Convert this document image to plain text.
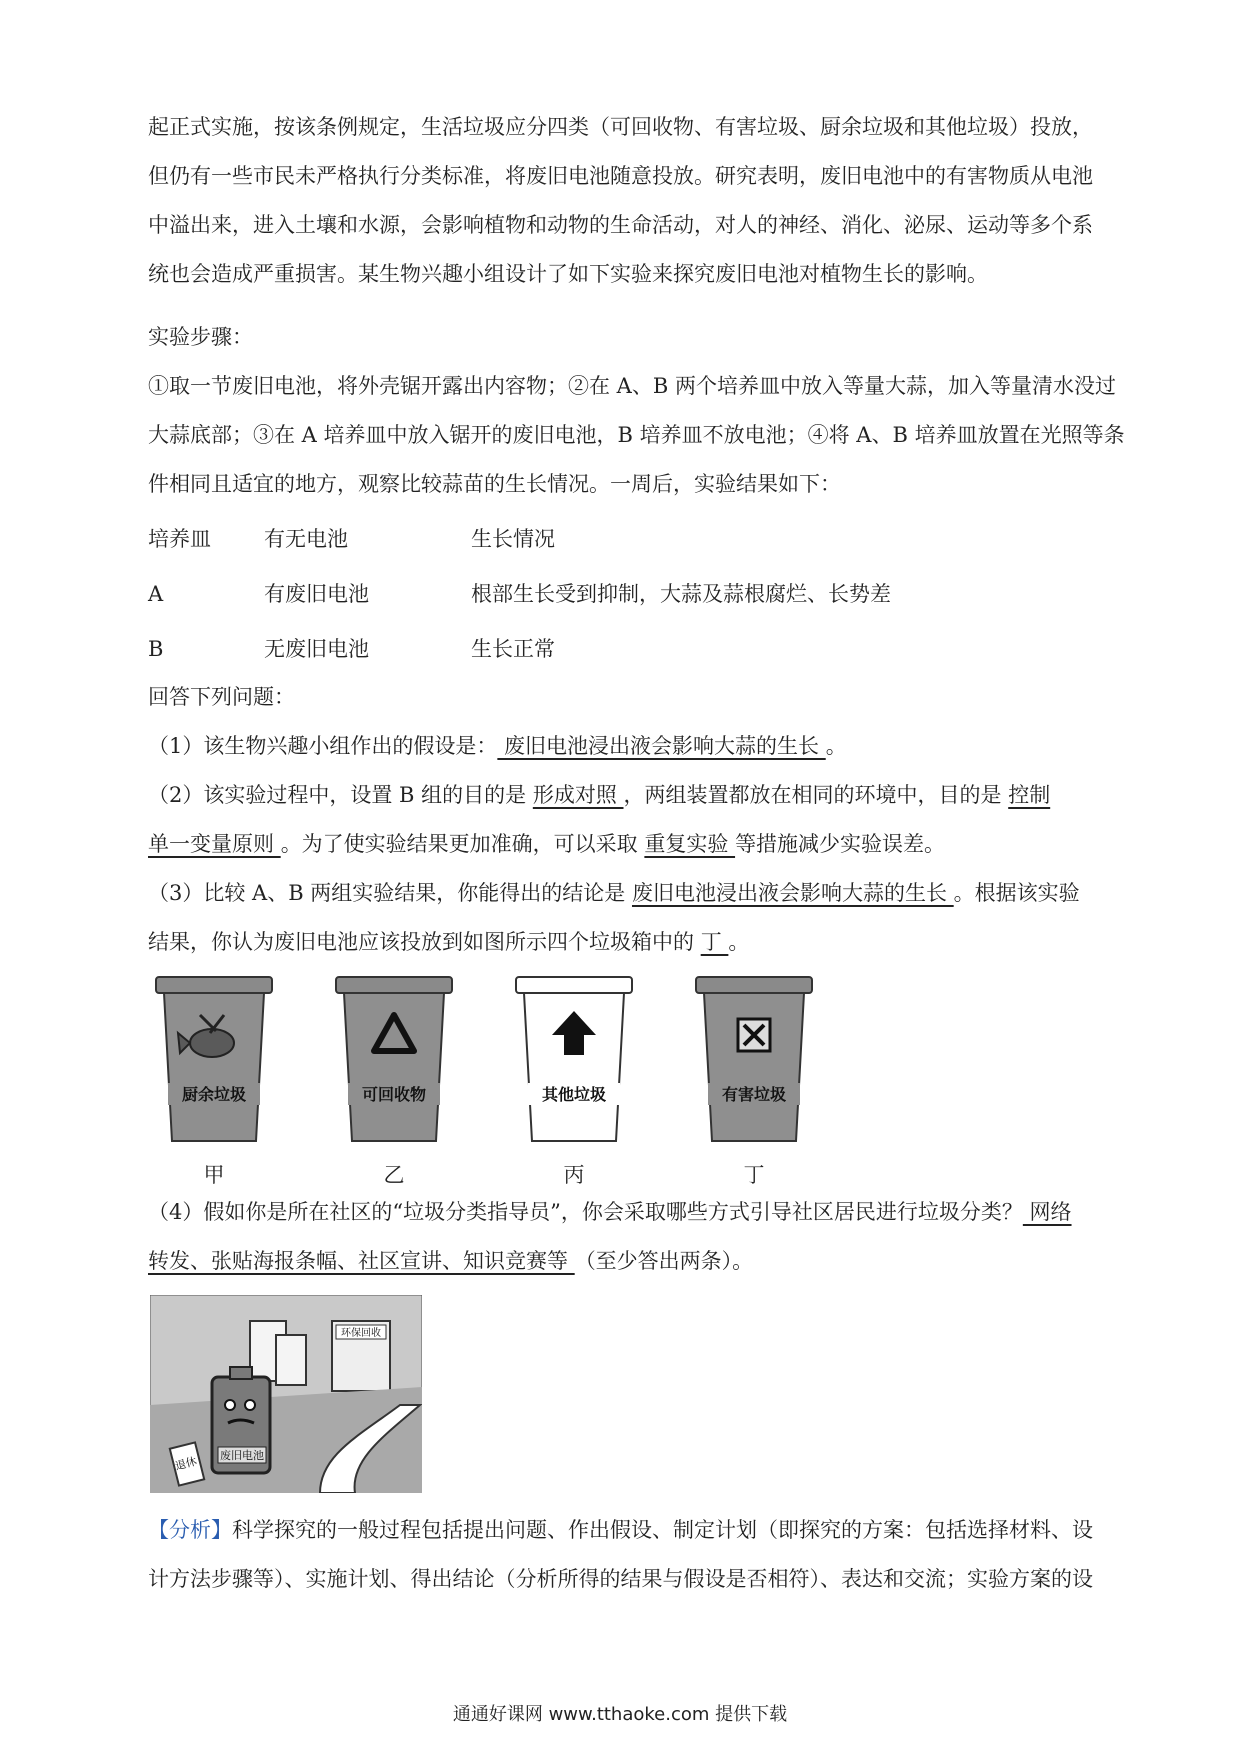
起正式实施，按该条例规定，生活垃圾应分四类（可回收物、有害垃圾、厨余垃圾和其他垃圾）投放，
但仍有一些市民未严格执行分类标准，将废旧电池随意投放。研究表明，废旧电池中的有害物质从电池
中溢出来，进入土壤和水源，会影响植物和动物的生命活动，对人的神经、消化、泌尿、运动等多个系
统也会造成严重损害。某生物兴趣小组设计了如下实验来探究废旧电池对植物生长的影响。
实验步骤：
①取一节废旧电池，将外壳锯开露出内容物；②在 A、B 两个培养皿中放入等量大蒜，加入等量清水没过
大蒜底部；③在 A 培养皿中放入锯开的废旧电池，B 培养皿不放电池；④将 A、B 培养皿放置在光照等条
件相同且适宜的地方，观察比较蒜苗的生长情况。一周后，实验结果如下：
培养皿	有无电池	生长情况
A	有废旧电池	根部生长受到抑制，大蒜及蒜根腐烂、长势差
B	无废旧电池	生长正常
回答下列问题：
（1）该生物兴趣小组作出的假设是： 废旧电池浸出液会影响大蒜的生长 。
（2）该实验过程中，设置 B 组的目的是 形成对照 ，两组装置都放在相同的环境中，目的是 控制
单一变量原则 。为了使实验结果更加准确，可以采取 重复实验 等措施减少实验误差。
（3）比较 A、B 两组实验结果，你能得出的结论是 废旧电池浸出液会影响大蒜的生长 。根据该实验
结果，你认为废旧电池应该投放到如图所示四个垃圾箱中的 丁 。
厨余垃圾
甲
可回收物
乙
其他垃圾
丙
有害垃圾
丁
（4）假如你是所在社区的“垃圾分类指导员”，你会采取哪些方式引导社区居民进行垃圾分类？ 网络
转发、张贴海报条幅、社区宣讲、知识竞赛等 （至少答出两条）。
环保回收
废旧电池
退休
【分析】科学探究的一般过程包括提出问题、作出假设、制定计划（即探究的方案：包括选择材料、设
计方法步骤等）、实施计划、得出结论（分析所得的结果与假设是否相符）、表达和交流；实验方案的设
通通好课网 www.tthaoke.com 提供下载
